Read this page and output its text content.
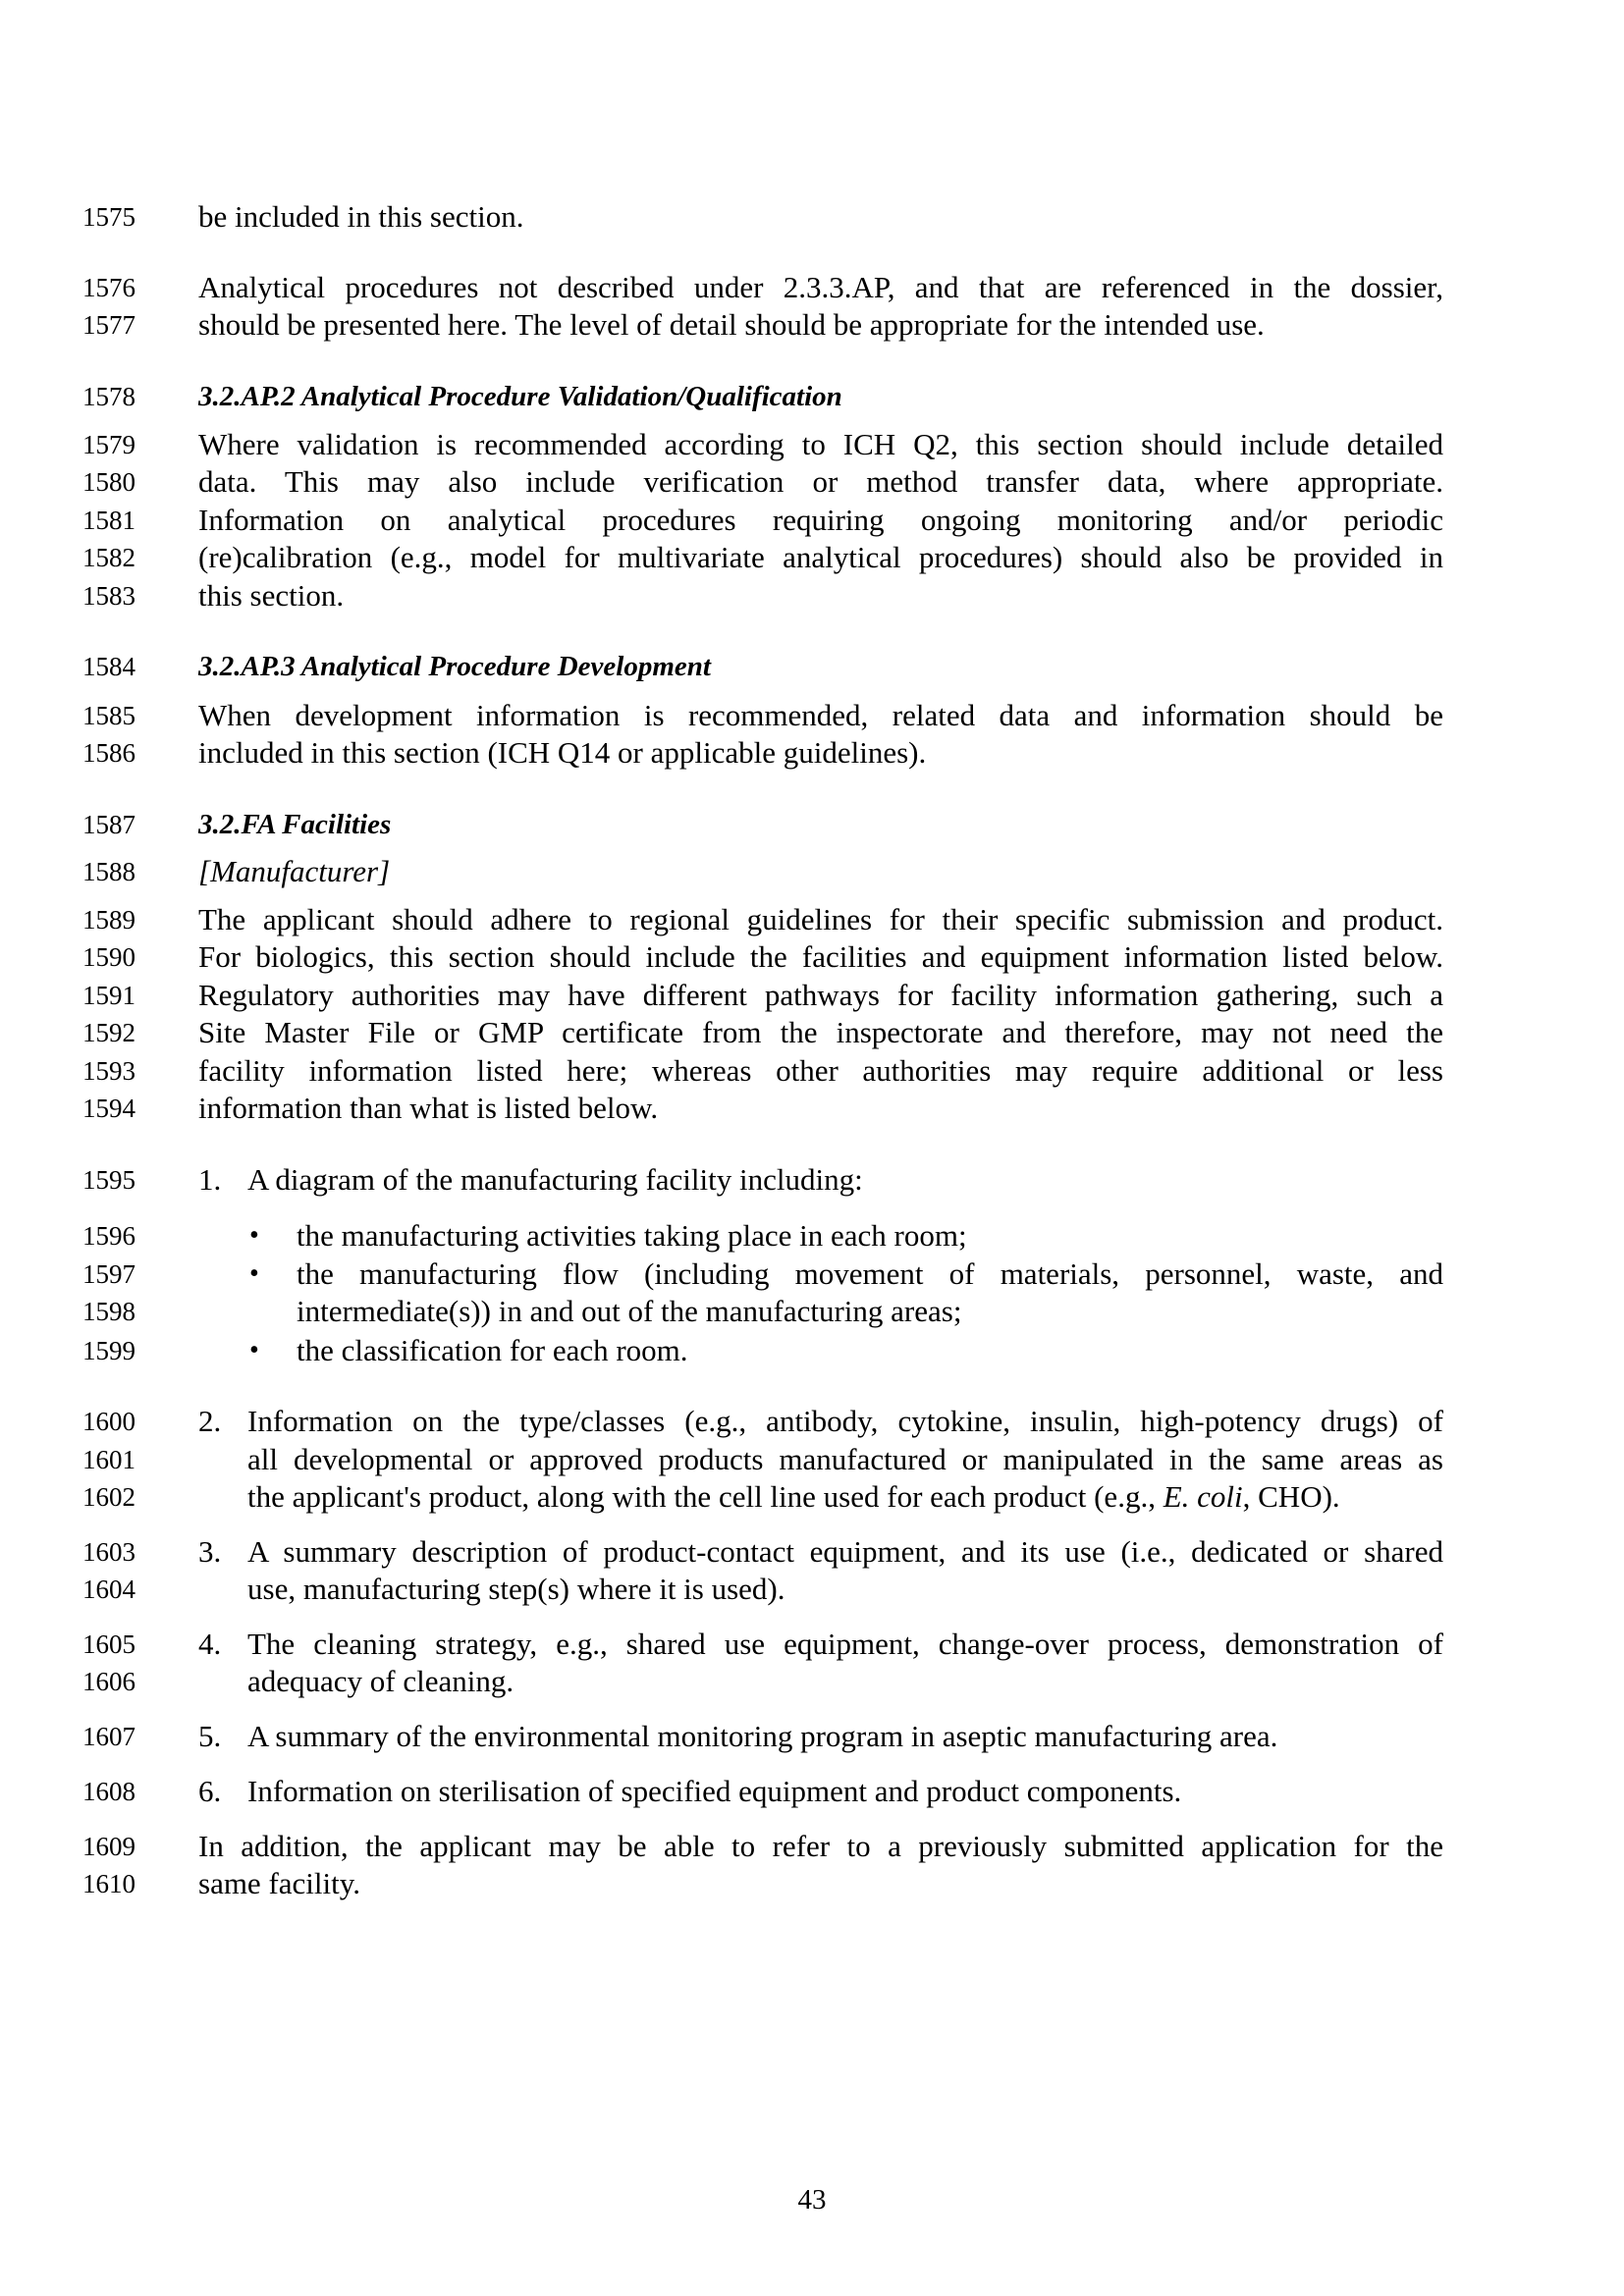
1575
1576
1577
1578
1579
1580
1581
1582
1583
1584
1585
1586
1587
1588
1589
1590
1591
1592
1593
1594
1595
1596
1597
1598
1599
1600
1601
1602
1603
1604
1605
1606
1607
1608
1609
1610
be included in this section.
Analytical procedures not described under 2.3.3.AP, and that are referenced in the dossier,
should be presented here. The level of detail should be appropriate for the intended use.
3.2.AP.2 Analytical Procedure Validation/Qualification
Where validation is recommended according to ICH Q2, this section should include detailed
data. This may also include verification or method transfer data, where appropriate.
Information on analytical procedures requiring ongoing monitoring and/or periodic
(re)calibration (e.g., model for multivariate analytical procedures) should also be provided in
this section.
3.2.AP.3 Analytical Procedure Development
When development information is recommended, related data and information should be
included in this section (ICH Q14 or applicable guidelines).
3.2.FA Facilities
[Manufacturer]
The applicant should adhere to regional guidelines for their specific submission and product.
For biologics, this section should include the facilities and equipment information listed below.
Regulatory authorities may have different pathways for facility information gathering, such a
Site Master File or GMP certificate from the inspectorate and therefore, may not need the
facility information listed here; whereas other authorities may require additional or less
information than what is listed below.
1. A diagram of the manufacturing facility including:
• the manufacturing activities taking place in each room;
• the manufacturing flow (including movement of materials, personnel, waste, and
intermediate(s)) in and out of the manufacturing areas;
• the classification for each room.
2. Information on the type/classes (e.g., antibody, cytokine, insulin, high-potency drugs) of
all developmental or approved products manufactured or manipulated in the same areas as
the applicant's product, along with the cell line used for each product (e.g., E. coli, CHO).
3. A summary description of product-contact equipment, and its use (i.e., dedicated or shared
use, manufacturing step(s) where it is used).
4. The cleaning strategy, e.g., shared use equipment, change-over process, demonstration of
adequacy of cleaning.
5. A summary of the environmental monitoring program in aseptic manufacturing area.
6. Information on sterilisation of specified equipment and product components.
In addition, the applicant may be able to refer to a previously submitted application for the
same facility.
43
